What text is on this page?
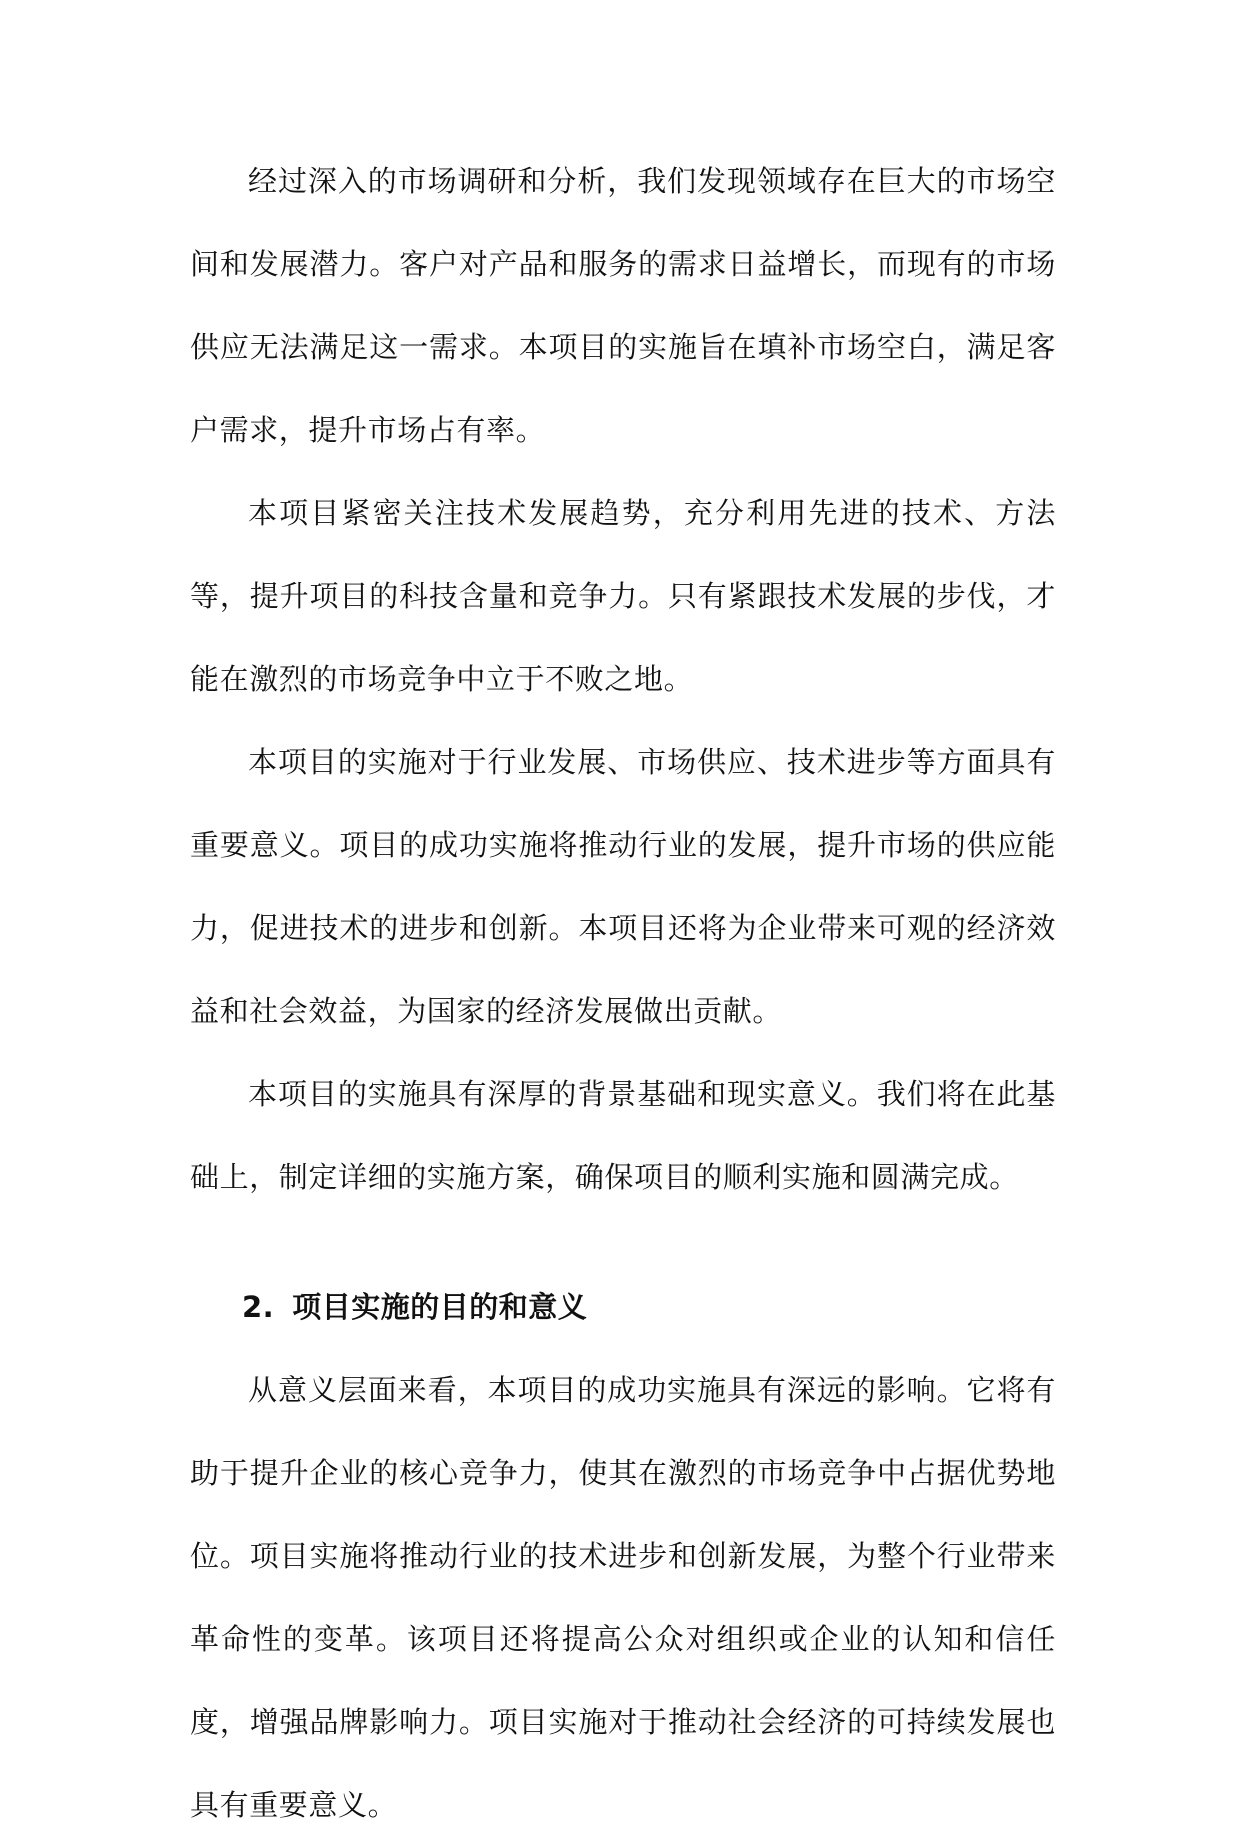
经过深入的市场调研和分析，我们发现领域存在巨大的市场空间和发展潜力。客户对产品和服务的需求日益增长，而现有的市场供应无法满足这一需求。本项目的实施旨在填补市场空白，满足客户需求，提升市场占有率。

本项目紧密关注技术发展趋势，充分利用先进的技术、方法等，提升项目的科技含量和竞争力。只有紧跟技术发展的步伐，才能在激烈的市场竞争中立于不败之地。

本项目的实施对于行业发展、市场供应、技术进步等方面具有重要意义。项目的成功实施将推动行业的发展，提升市场的供应能力，促进技术的进步和创新。本项目还将为企业带来可观的经济效益和社会效益，为国家的经济发展做出贡献。

本项目的实施具有深厚的背景基础和现实意义。我们将在此基础上，制定详细的实施方案，确保项目的顺利实施和圆满完成。

2. 项目实施的目的和意义

从意义层面来看，本项目的成功实施具有深远的影响。它将有助于提升企业的核心竞争力，使其在激烈的市场竞争中占据优势地位。项目实施将推动行业的技术进步和创新发展，为整个行业带来革命性的变革。该项目还将提高公众对组织或企业的认知和信任度，增强品牌影响力。项目实施对于推动社会经济的可持续发展也具有重要意义。
